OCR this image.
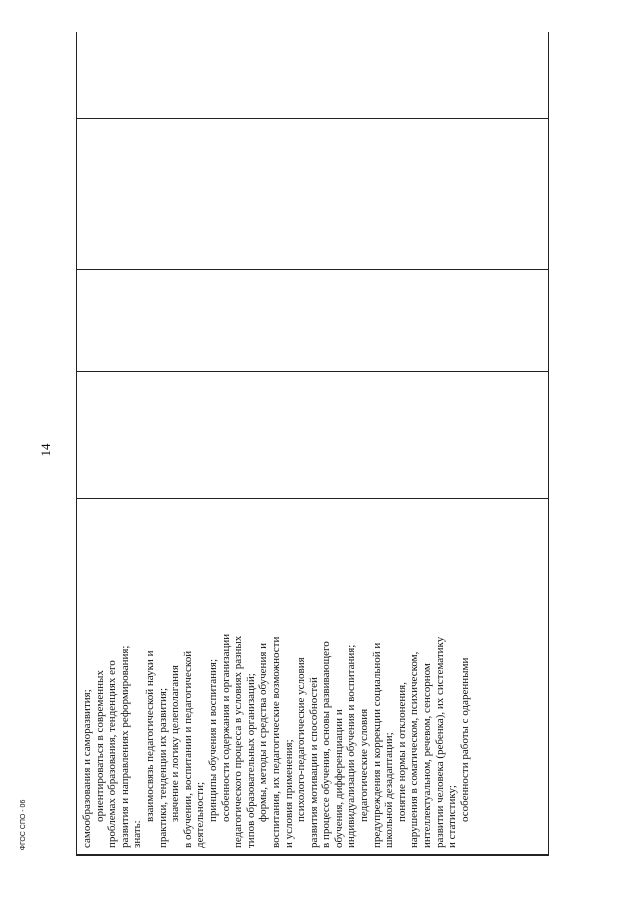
14

самообразования и саморазвития; ориентироваться в современных проблемах образования, тенденциях его развития и направлениях реформирования; знать:
взаимосвязь педагогической науки и практики, тенденции их развития; значение и логику целеполагания в обучении, воспитании и педагогической деятельности; принципы обучения и воспитания; особенности содержания и организации педагогического процесса в условиях разных типов образовательных организаций; формы, методы и средства обучения и воспитания, их педагогические возможности и условия применения; психолого-педагогические условия развития мотивации и способностей в процессе обучения, основы развивающего обучения, дифференциации и индивидуализации обучения и воспитания; педагогические условия предупреждения и коррекции социальной и школьной дезадаптации; понятие нормы и отклонения, нарушения в соматическом, психическом, интеллектуальном, речевом, сенсорном развитии человека (ребенка), их систематику и статистику; особенности работы с одаренными

ФГОС СПО - 06
